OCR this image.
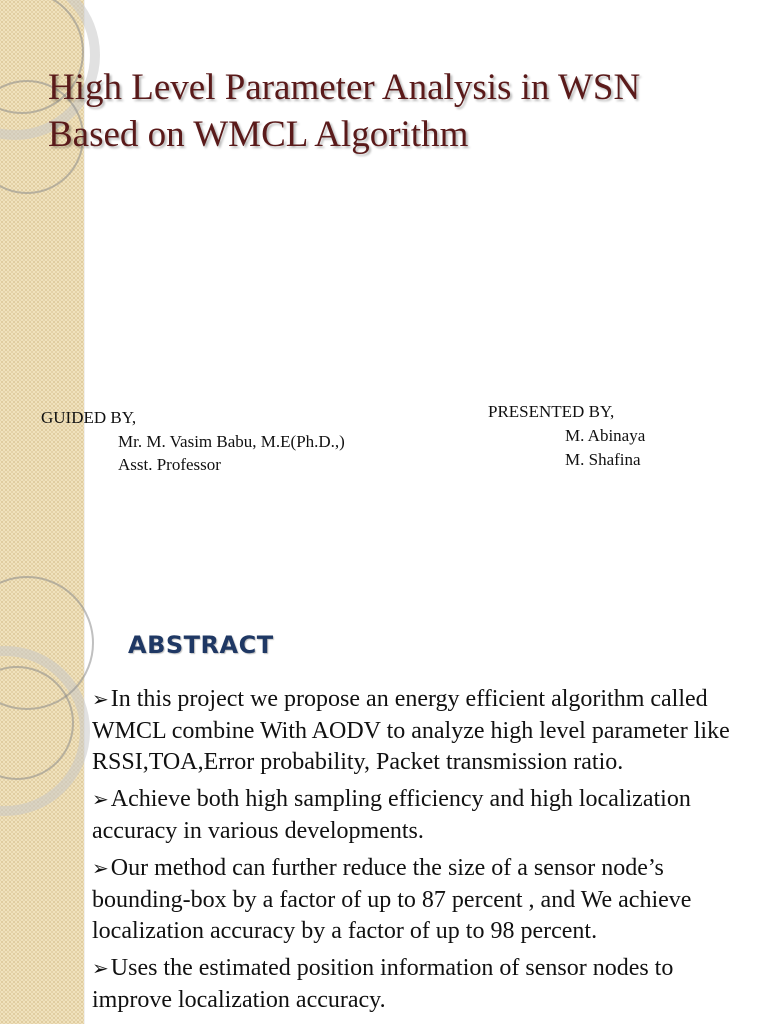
High Level Parameter Analysis in WSN Based on WMCL Algorithm
GUIDED BY,
Mr. M. Vasim Babu, M.E(Ph.D.,)
Asst. Professor
PRESENTED BY,
M. Abinaya
M. Shafina
ABSTRACT
➢In this project we propose an energy efficient algorithm called WMCL combine With AODV to analyze high level parameter like RSSI,TOA,Error probability, Packet transmission ratio.
➢Achieve both high sampling efficiency and high localization accuracy in various developments.
➢Our method can further reduce the size of a sensor node’s bounding-box by a factor of up to 87 percent , and We achieve localization accuracy by a factor of up to 98 percent.
➢Uses the estimated position information of sensor nodes to improve localization accuracy.
